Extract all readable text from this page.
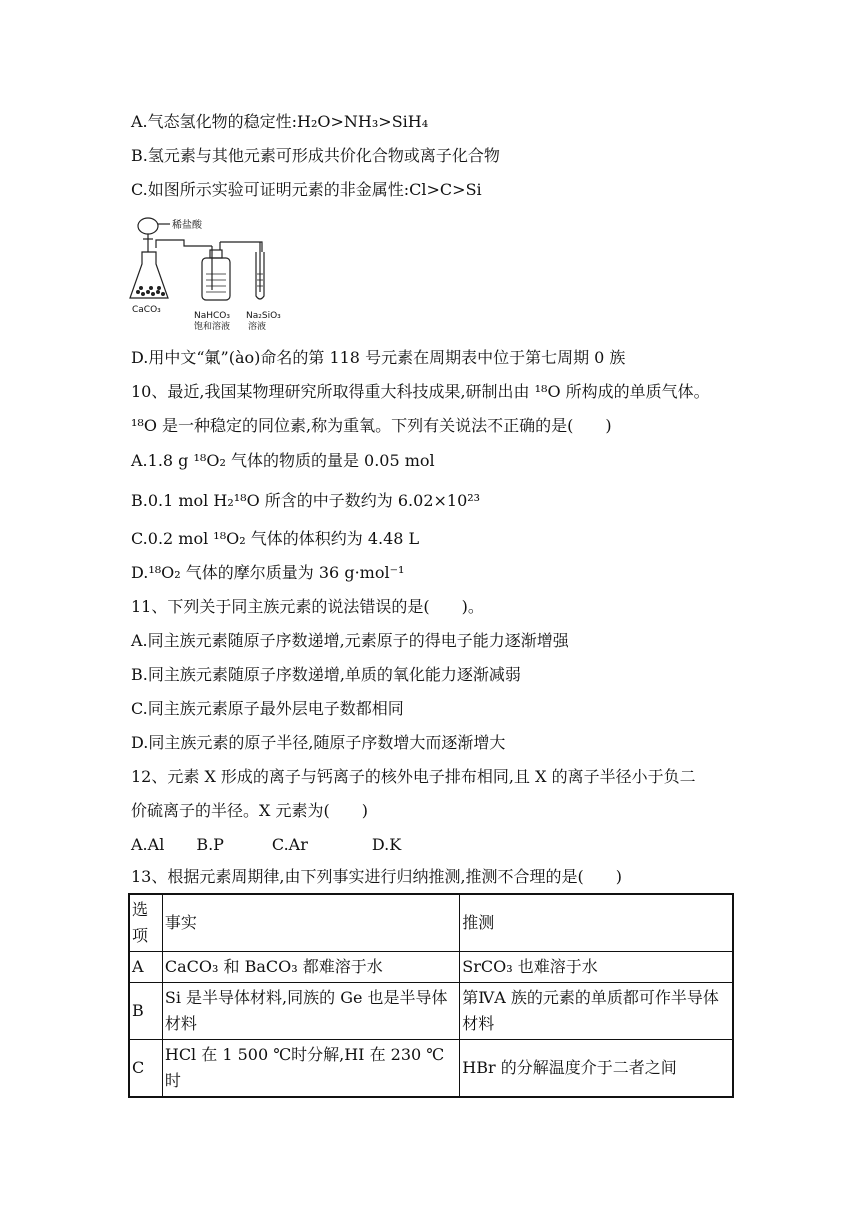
A.气态氢化物的稳定性:H₂O>NH₃>SiH₄
B.氢元素与其他元素可形成共价化合物或离子化合物
C.如图所示实验可证明元素的非金属性:Cl>C>Si
稀盐酸
CaCO₃
NaHCO₃
饱和溶液
Na₂SiO₃
溶液
D.用中文“氭”(ào)命名的第 118 号元素在周期表中位于第七周期 0 族
10、最近,我国某物理研究所取得重大科技成果,研制出由 ¹⁸O 所构成的单质气体。
¹⁸O 是一种稳定的同位素,称为重氧。下列有关说法不正确的是(　　)
A.1.8 g ¹⁸O₂ 气体的物质的量是 0.05 mol
B.0.1 mol H₂¹⁸O 所含的中子数约为 6.02×10²³
C.0.2 mol ¹⁸O₂ 气体的体积约为 4.48 L
D.¹⁸O₂ 气体的摩尔质量为 36 g·mol⁻¹
11、下列关于同主族元素的说法错误的是(　　)。
A.同主族元素随原子序数递增,元素原子的得电子能力逐渐增强
B.同主族元素随原子序数递增,单质的氧化能力逐渐减弱
C.同主族元素原子最外层电子数都相同
D.同主族元素的原子半径,随原子序数增大而逐渐增大
12、元素 X 形成的离子与钙离子的核外电子排布相同,且 X 的离子半径小于负二
价硫离子的半径。X 元素为(　　)
A.Al　　B.P　　　C.Ar　　　　D.K
13、根据元素周期律,由下列事实进行归纳推测,推测不合理的是(　　)
选项	事实	推测
A	CaCO₃ 和 BaCO₃ 都难溶于水	SrCO₃ 也难溶于水
B	Si 是半导体材料,同族的 Ge 也是半导体材料	第ⅣA 族的元素的单质都可作半导体材料
C	HCl 在 1 500 ℃时分解,HI 在 230 ℃时	HBr 的分解温度介于二者之间
